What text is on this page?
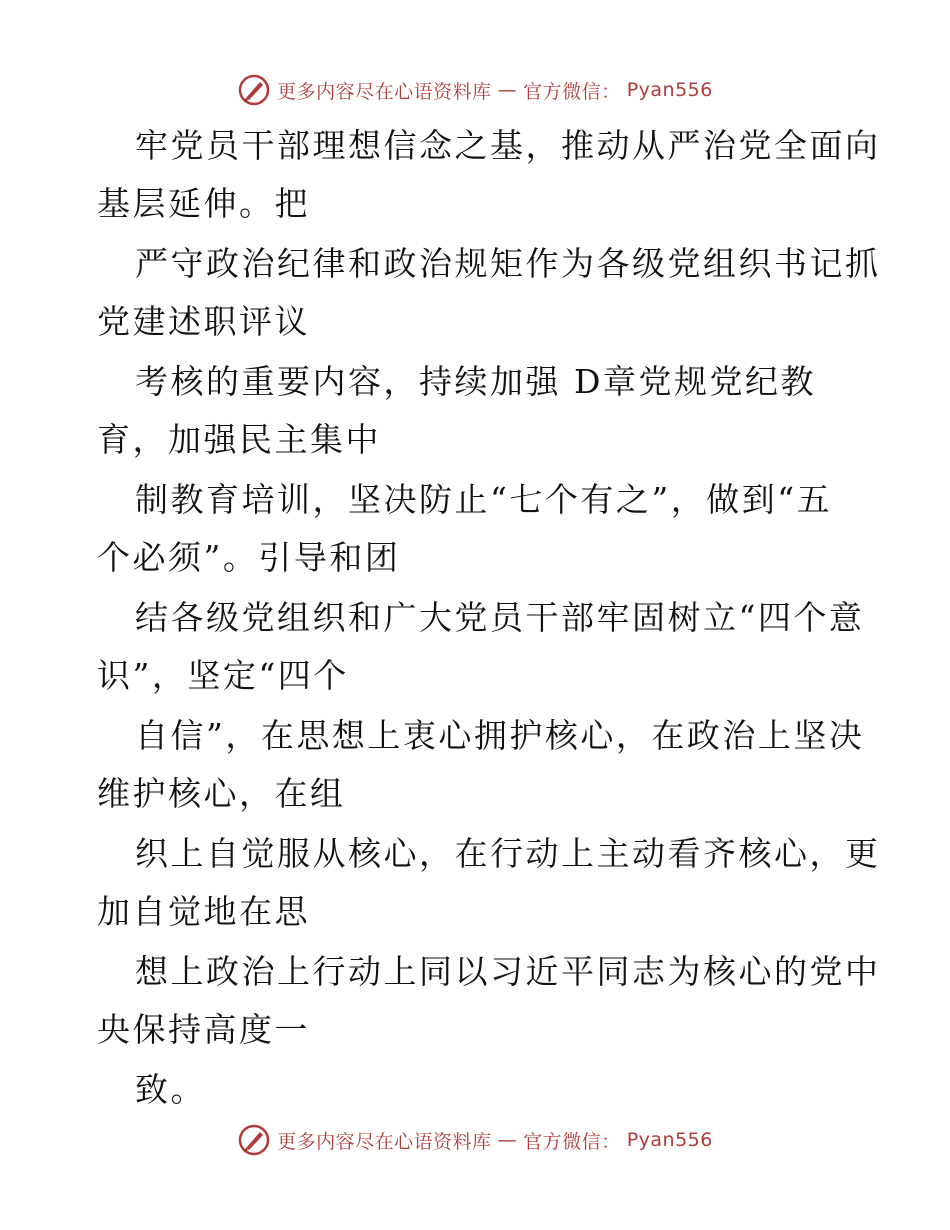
更多内容尽在心语资料库 — 官方微信： Pyan556
牢党员干部理想信念之基，推动从严治党全面向
基层延伸。把
严守政治纪律和政治规矩作为各级党组织书记抓
党建述职评议
考核的重要内容，持续加强 D章党规党纪教
育，加强民主集中
制教育培训，坚决防止“七个有之”，做到“五
个必须”。引导和团
结各级党组织和广大党员干部牢固树立“四个意
识”，坚定“四个
自信”，在思想上衷心拥护核心，在政治上坚决
维护核心，在组
织上自觉服从核心，在行动上主动看齐核心，更
加自觉地在思
想上政治上行动上同以习近平同志为核心的党中
央保持高度一
致。
更多内容尽在心语资料库 — 官方微信： Pyan556
